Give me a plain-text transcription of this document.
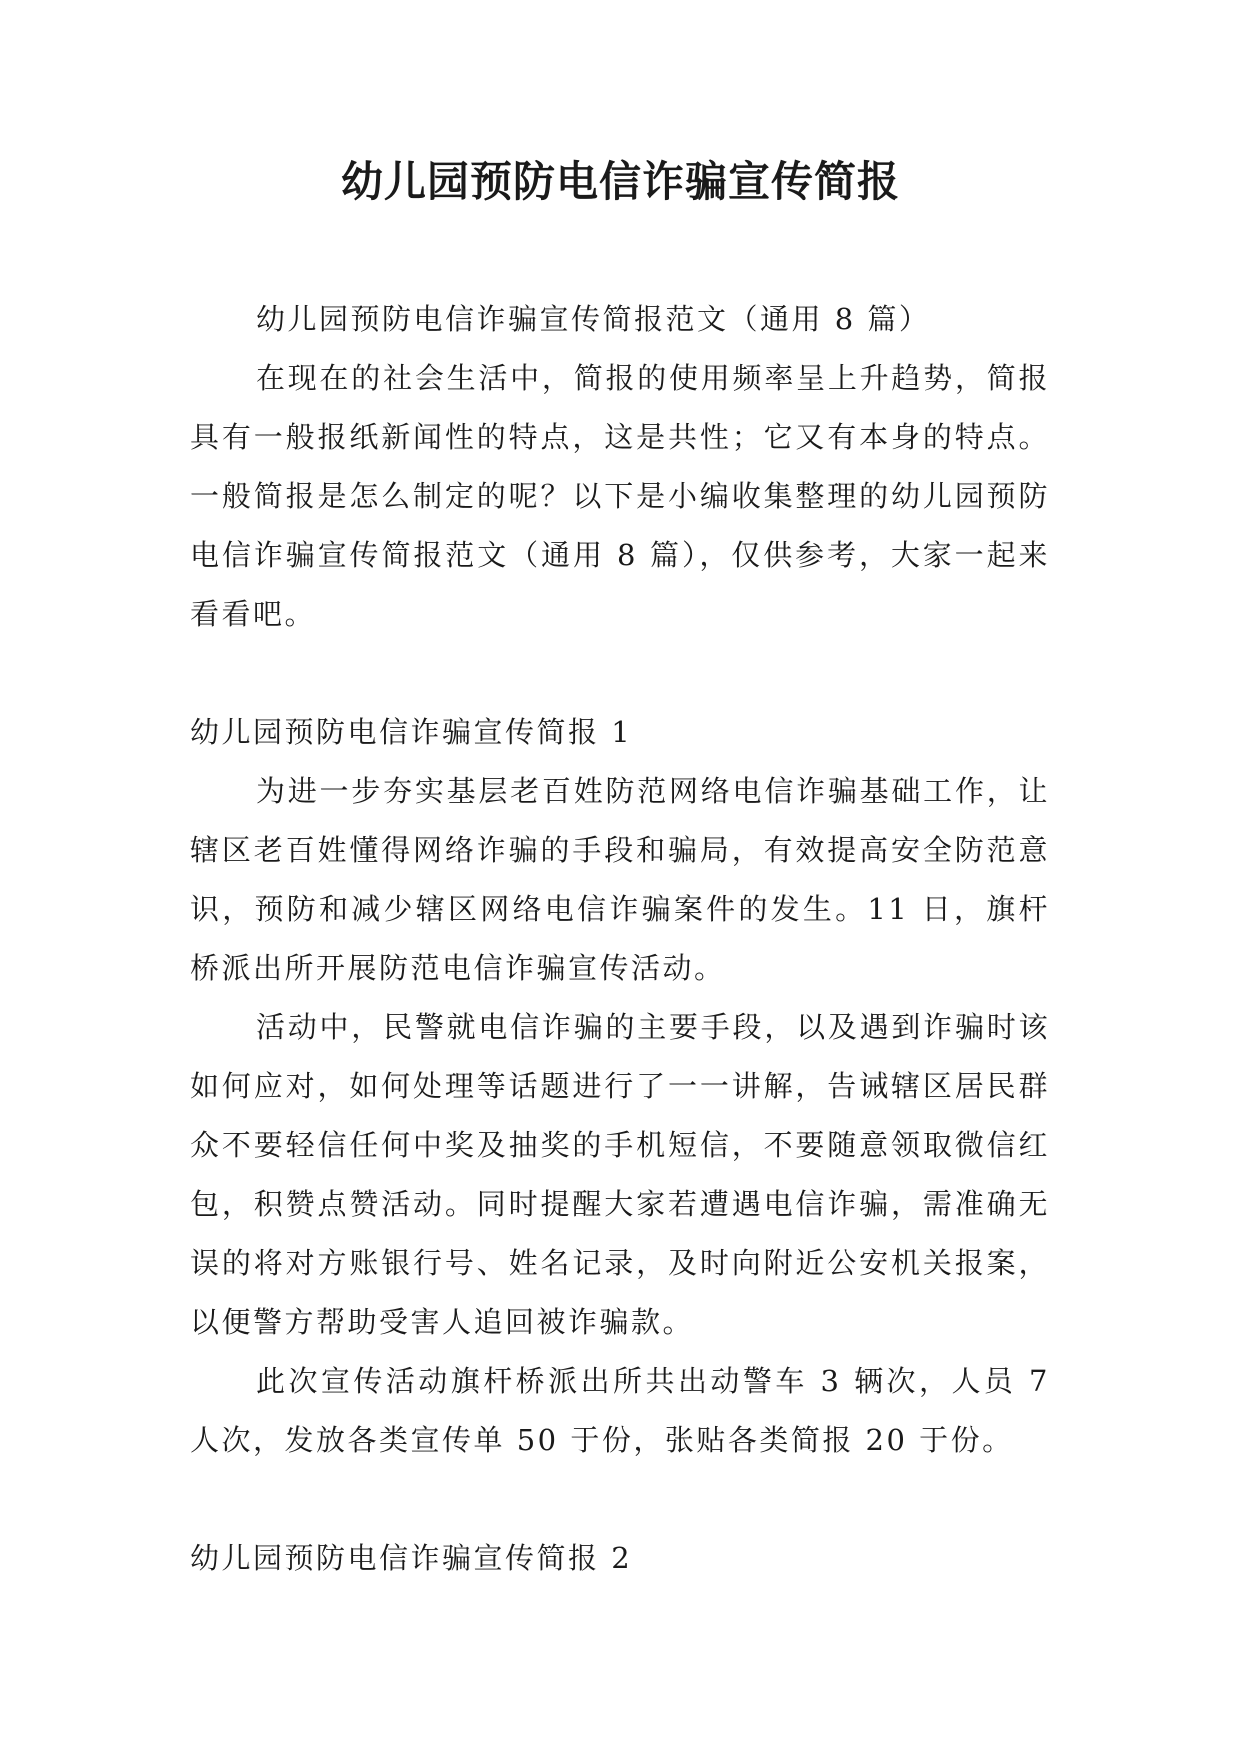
幼儿园预防电信诈骗宣传简报

幼儿园预防电信诈骗宣传简报范文（通用 8 篇）

在现在的社会生活中，简报的使用频率呈上升趋势，简报具有一般报纸新闻性的特点，这是共性；它又有本身的特点。一般简报是怎么制定的呢？以下是小编收集整理的幼儿园预防电信诈骗宣传简报范文（通用 8 篇），仅供参考，大家一起来看看吧。

幼儿园预防电信诈骗宣传简报 1

为进一步夯实基层老百姓防范网络电信诈骗基础工作，让辖区老百姓懂得网络诈骗的手段和骗局，有效提高安全防范意识，预防和减少辖区网络电信诈骗案件的发生。11 日，旗杆桥派出所开展防范电信诈骗宣传活动。

活动中，民警就电信诈骗的主要手段，以及遇到诈骗时该如何应对，如何处理等话题进行了一一讲解，告诫辖区居民群众不要轻信任何中奖及抽奖的手机短信，不要随意领取微信红包，积赞点赞活动。同时提醒大家若遭遇电信诈骗，需准确无误的将对方账银行号、姓名记录，及时向附近公安机关报案，以便警方帮助受害人追回被诈骗款。

此次宣传活动旗杆桥派出所共出动警车 3 辆次，人员 7 人次，发放各类宣传单 50 于份，张贴各类简报 20 于份。

幼儿园预防电信诈骗宣传简报 2
